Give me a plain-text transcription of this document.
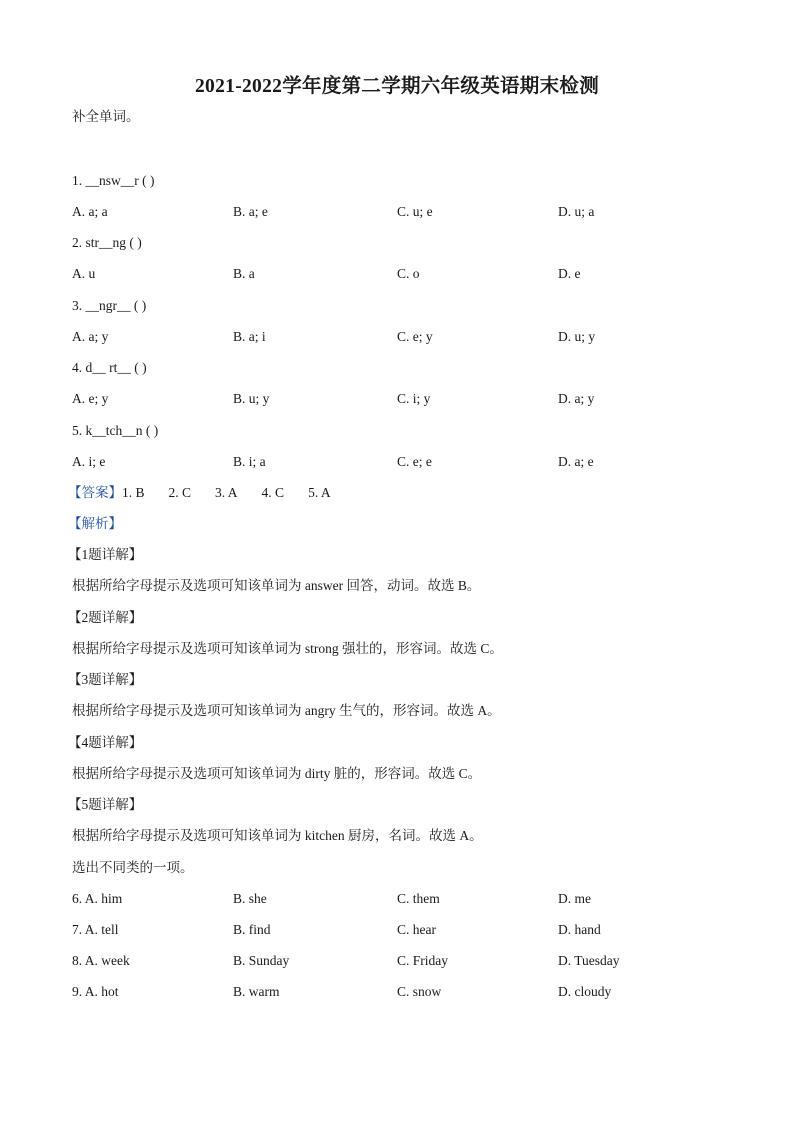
2021-2022学年度第二学期六年级英语期末检测
补全单词。
1. __nsw__r ( )
A. a; a	B. a; e	C. u; e	D. u; a
2. str__ng ( )
A. u	B. a	C. o	D. e
3. __ngr__ ( )
A. a; y	B. a; i	C. e; y	D. u; y
4. d__ rt__ ( )
A. e; y	B. u; y	C. i; y	D. a; y
5. k__tch__n ( )
A. i; e	B. i; a	C. e; e	D. a; e
【答案】1. B 2. C 3. A 4. C 5. A
【解析】
【1题详解】
根据所给字母提示及选项可知该单词为 answer 回答，动词。故选 B。
【2题详解】
根据所给字母提示及选项可知该单词为 strong 强壮的，形容词。故选 C。
【3题详解】
根据所给字母提示及选项可知该单词为 angry 生气的，形容词。故选 A。
【4题详解】
根据所给字母提示及选项可知该单词为 dirty 脏的，形容词。故选 C。
【5题详解】
根据所给字母提示及选项可知该单词为 kitchen 厨房，名词。故选 A。
选出不同类的一项。
6. A. him	B. she	C. them	D. me
7. A. tell	B. find	C. hear	D. hand
8. A. week	B. Sunday	C. Friday	D. Tuesday
9. A. hot	B. warm	C. snow	D. cloudy
